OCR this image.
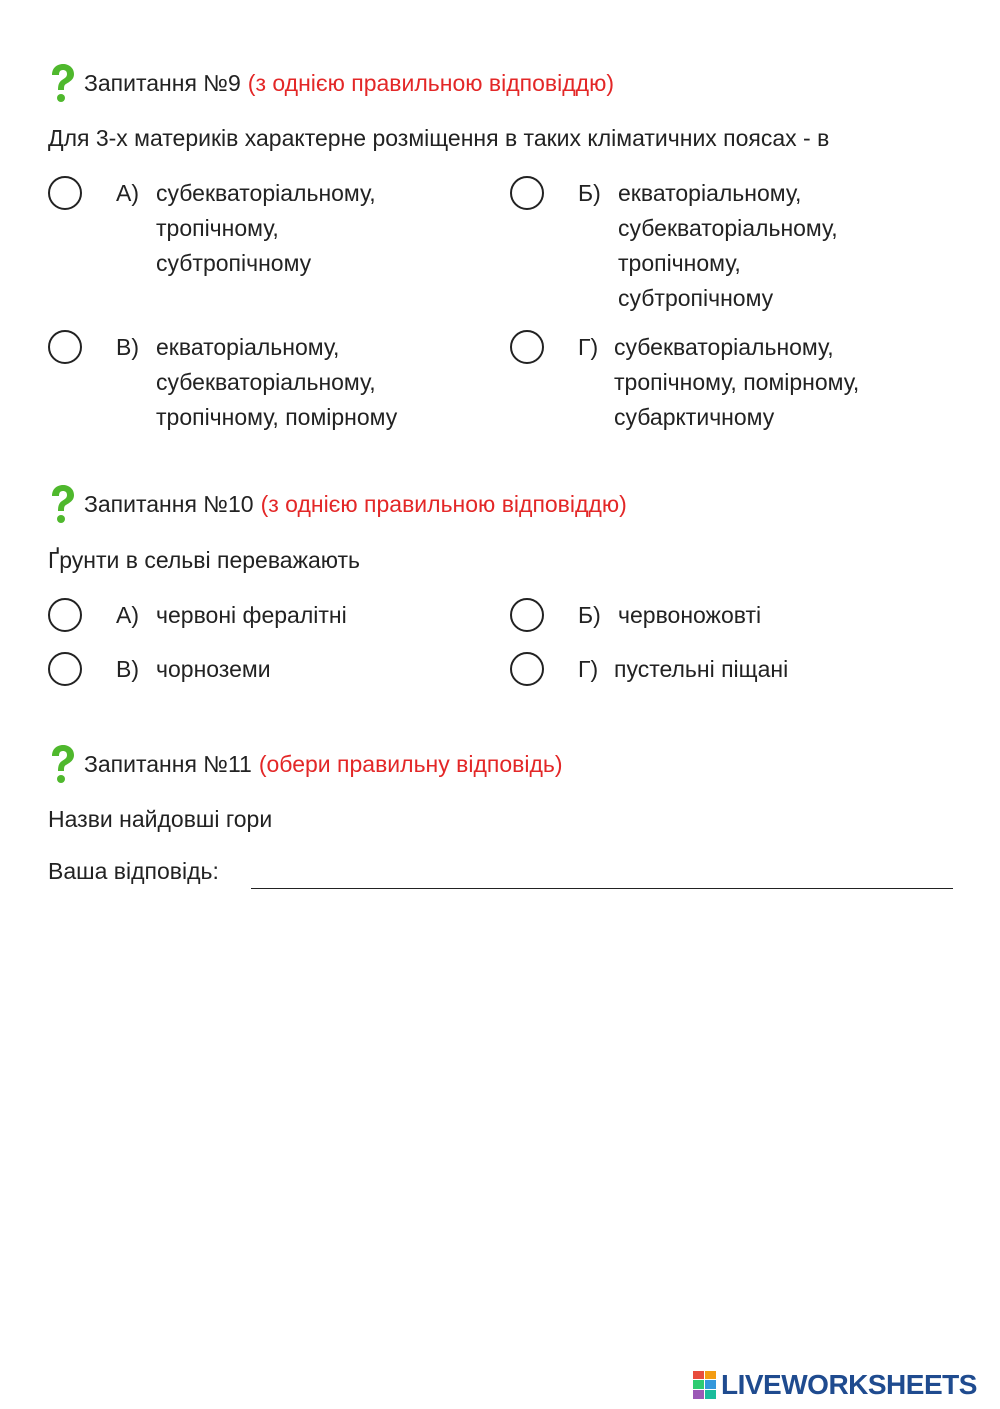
Запитання №9 (з однією правильною відповіддю)
Для 3-х материків характерне розміщення в таких кліматичних поясах - в
А) субекваторіальному,
тропічному,
субтропічному
Б) екваторіальному,
субекваторіальному,
тропічному,
субтропічному
В) екваторіальному,
субекваторіальному,
тропічному, помірному
Г) субекваторіальному,
тропічному, помірному,
субарктичному
Запитання №10 (з однією правильною відповіддю)
Ґрунти в сельві переважають
А) червоні фералітні	Б) червоножовті
В) чорноземи	Г) пустельні піщані
Запитання №11 (обери правильну відповідь)
Назви найдовші гори
Ваша відповідь:
LIVEWORKSHEETS
